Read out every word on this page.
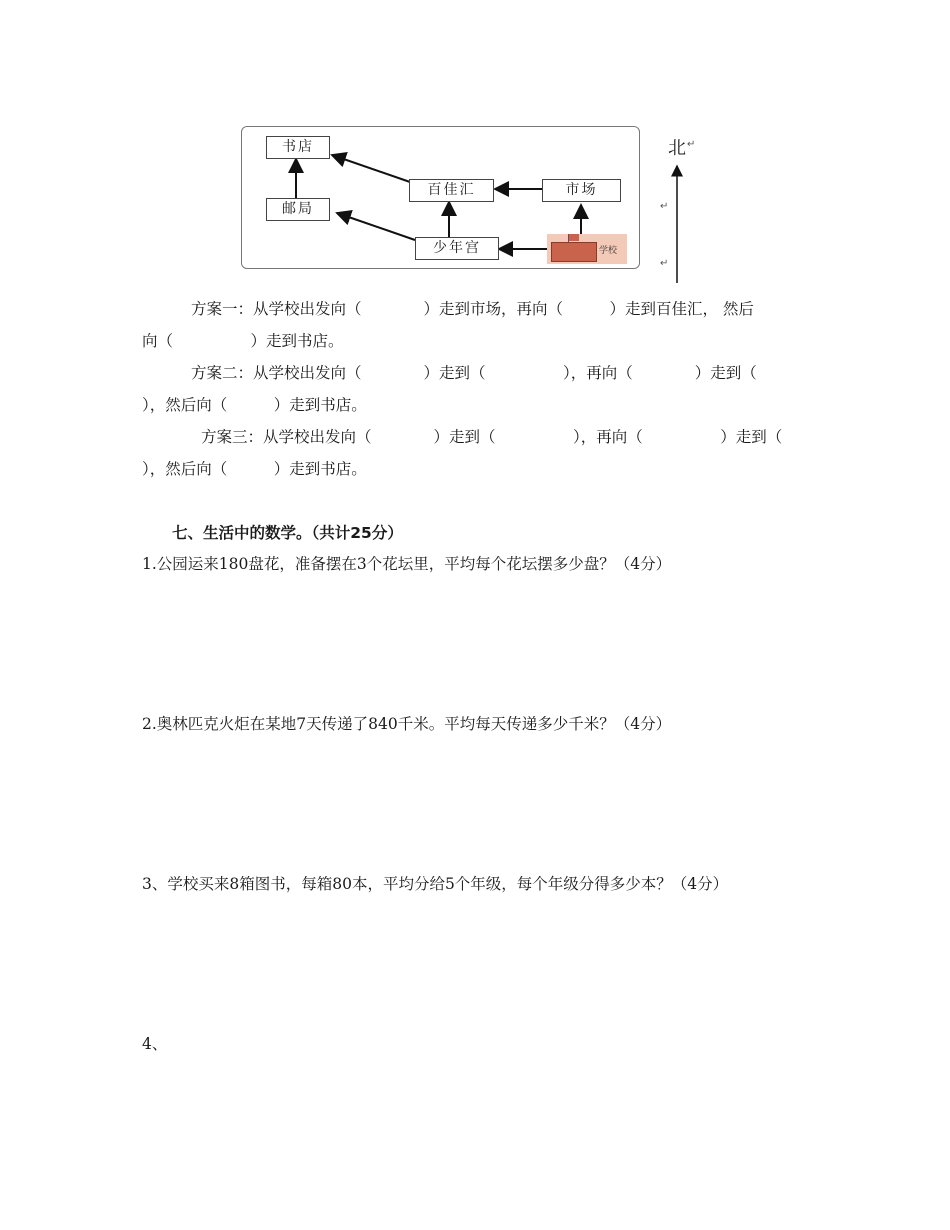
书店
邮局
百佳汇	市场
少年宫	学校
北 ↵
↵
↵
方案一：从学校出发向（　　　　）走到市场，再向（　　　）走到百佳汇， 然后
向（　　　　　）走到书店。
方案二：从学校出发向（　　　　）走到（　　　　　），再向（　　　　）走到（
），然后向（　　　）走到书店。
方案三：从学校出发向（　　　　）走到（　　　　　），再向（　　　　　）走到（
），然后向（　　　）走到书店。
七、生活中的数学。（共计25分）
1.公园运来180盘花，准备摆在3个花坛里，平均每个花坛摆多少盘？（4分）
2.奥林匹克火炬在某地7天传递了840千米。平均每天传递多少千米？（4分）
3、学校买来8箱图书，每箱80本，平均分给5个年级，每个年级分得多少本？（4分）
4、
